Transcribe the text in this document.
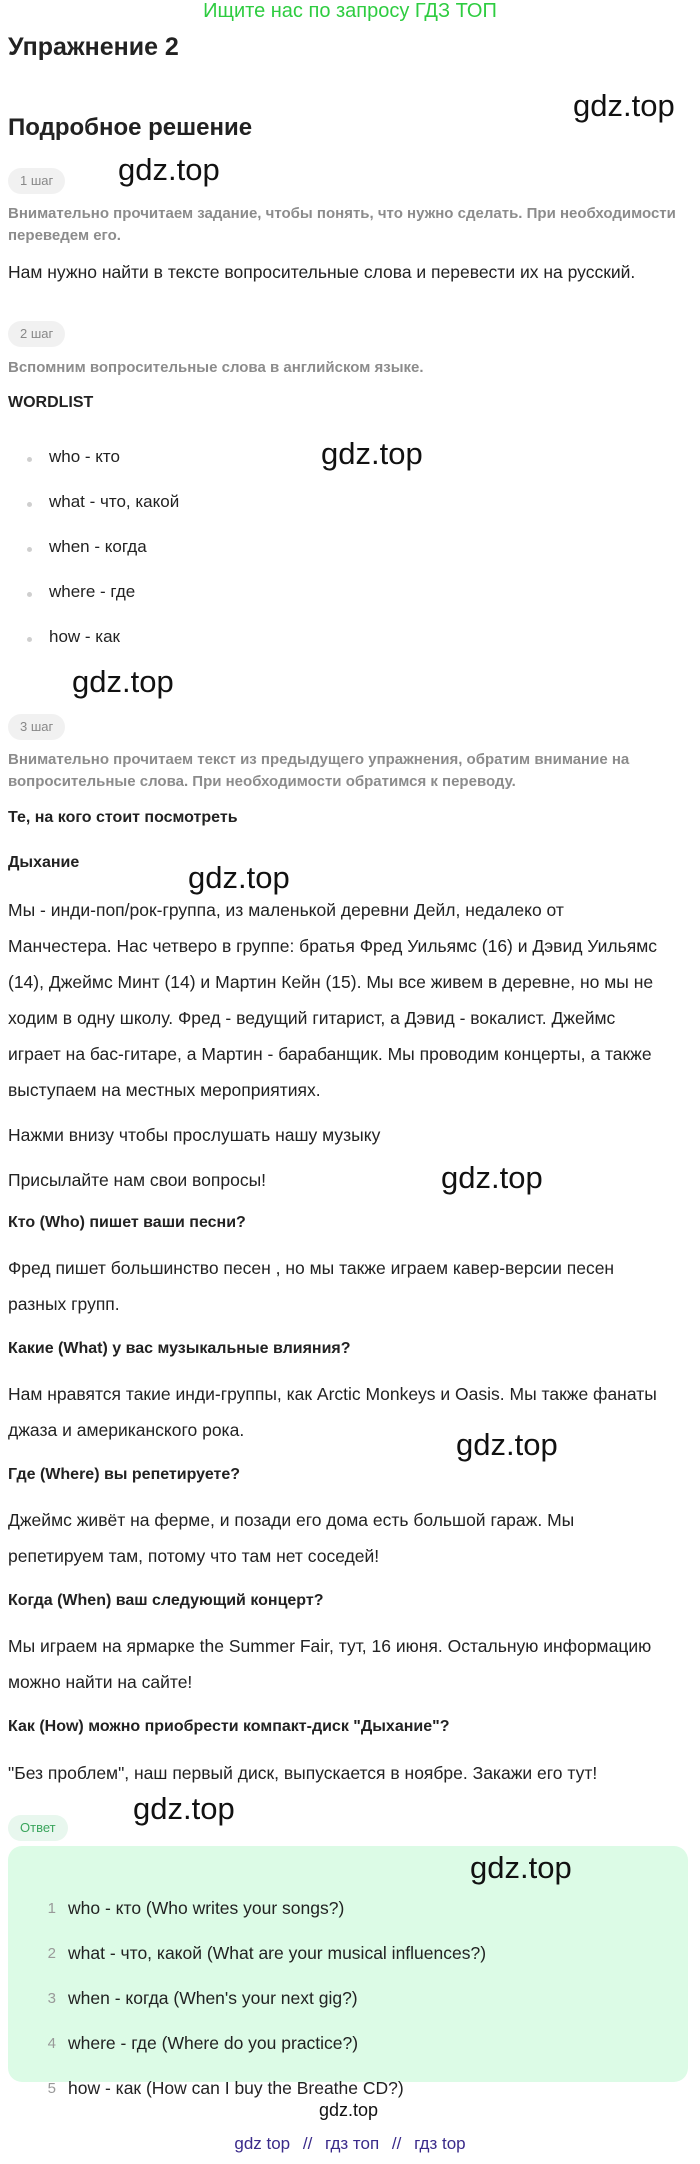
Ищите нас по запросу ГДЗ ТОП
Упражнение 2
gdz.top
Подробное решение
1 шаг	gdz.top
Внимательно прочитаем задание, чтобы понять, что нужно сделать. При необходимости переведем его.
Нам нужно найти в тексте вопросительные слова и перевести их на русский.
2 шаг
Вспомним вопросительные слова в английском языке.
WORDLIST
gdz.top
who - кто
what - что, какой
when - когда
where - где
how - как
gdz.top
3 шаг
Внимательно прочитаем текст из предыдущего упражнения, обратим внимание на вопросительные слова. При необходимости обратимся к переводу.
Те, на кого стоит посмотреть
Дыхание	gdz.top
Мы - инди-поп/рок-группа, из маленькой деревни Дейл, недалеко от
Манчестера. Нас четверо в группе: братья Фред Уильямс (16) и Дэвид Уильямс
(14), Джеймс Минт (14) и Мартин Кейн (15). Мы все живем в деревне, но мы не
ходим в одну школу. Фред - ведущий гитарист, а Дэвид - вокалист. Джеймс
играет на бас-гитаре, а Мартин - барабанщик. Мы проводим концерты, а также
выступаем на местных мероприятиях.
Нажми внизу чтобы прослушать нашу музыку
Присылайте нам свои вопросы!	gdz.top
Кто (Who) пишет ваши песни?
Фред пишет большинство песен , но мы также играем кавер-версии песен
разных групп.
Какие (What) у вас музыкальные влияния?
Нам нравятся такие инди-группы, как Arctic Monkeys и Oasis. Мы также фанаты
джаза и американского рока.	gdz.top
Где (Where) вы репетируете?
Джеймс живёт на ферме, и позади его дома есть большой гараж. Мы
репетируем там, потому что там нет соседей!
Когда (When) ваш следующий концерт?
Мы играем на ярмарке the Summer Fair, тут, 16 июня. Остальную информацию
можно найти на сайте!
Как (How) можно приобрести компакт-диск "Дыхание"?
"Без проблем", наш первый диск, выпускается в ноябре. Закажи его тут!
gdz.top
Ответ
gdz.top
1 who - кто (Who writes your songs?)
2 what - что, какой (What are your musical influences?)
3 when - когда (When's your next gig?)
4 where - где (Where do you practice?)
5 how - как (How can I buy the Breathe CD?)
gdz.top
gdz top // гдз топ // гдз top
